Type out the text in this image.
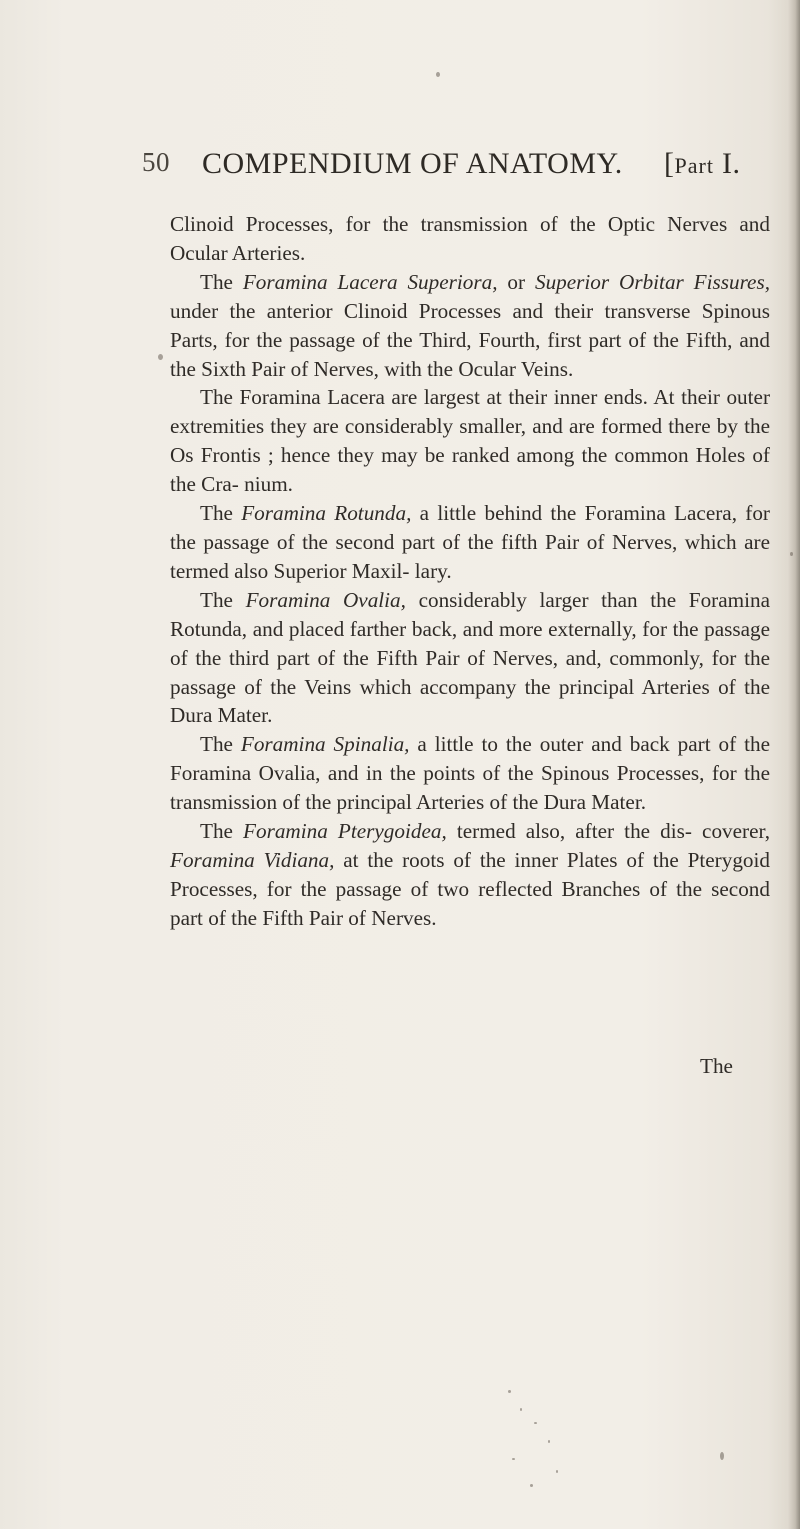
50 COMPENDIUM OF ANATOMY. [Part I.

Clinoid Processes, for the transmission of the Optic Nerves and Ocular Arteries.

The Foramina Lacera Superiora, or Superior Orbitar Fissures, under the anterior Clinoid Processes and their transverse Spinous Parts, for the passage of the Third, Fourth, first part of the Fifth, and the Sixth Pair of Nerves, with the Ocular Veins.

The Foramina Lacera are largest at their inner ends. At their outer extremities they are considerably smaller, and are formed there by the Os Frontis ; hence they may be ranked among the common Holes of the Cra- nium.

The Foramina Rotunda, a little behind the Foramina Lacera, for the passage of the second part of the fifth Pair of Nerves, which are termed also Superior Maxil- lary.

The Foramina Ovalia, considerably larger than the Foramina Rotunda, and placed farther back, and more externally, for the passage of the third part of the Fifth Pair of Nerves, and, commonly, for the passage of the Veins which accompany the principal Arteries of the Dura Mater.

The Foramina Spinalia, a little to the outer and back part of the Foramina Ovalia, and in the points of the Spinous Processes, for the transmission of the principal Arteries of the Dura Mater.

The Foramina Pterygoidea, termed also, after the dis- coverer, Foramina Vidiana, at the roots of the inner Plates of the Pterygoid Processes, for the passage of two reflected Branches of the second part of the Fifth Pair of Nerves.

The
